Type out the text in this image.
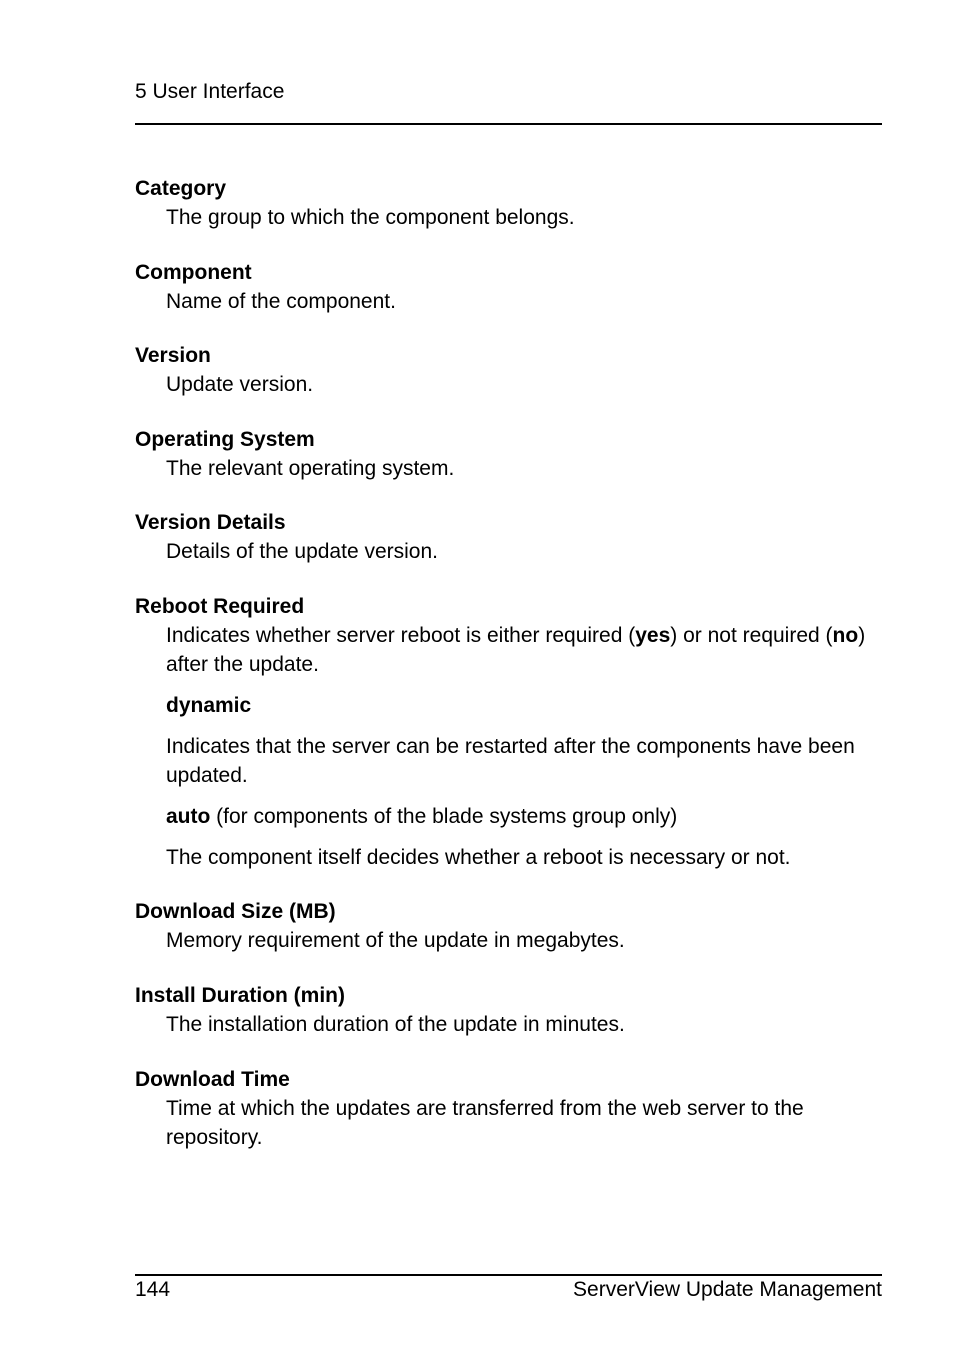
5 User Interface
Category
The group to which the component belongs.
Component
Name of the component.
Version
Update version.
Operating System
The relevant operating system.
Version Details
Details of the update version.
Reboot Required
Indicates whether server reboot is either required (yes) or not required (no)
after the update.
dynamic
Indicates that the server can be restarted after the components have been
updated.
auto (for components of the blade systems group only)
The component itself decides whether a reboot is necessary or not.
Download Size (MB)
Memory requirement of the update in megabytes.
Install Duration (min)
The installation duration of the update in minutes.
Download Time
Time at which the updates are transferred from the web server to the
repository.
144	ServerView Update Management
